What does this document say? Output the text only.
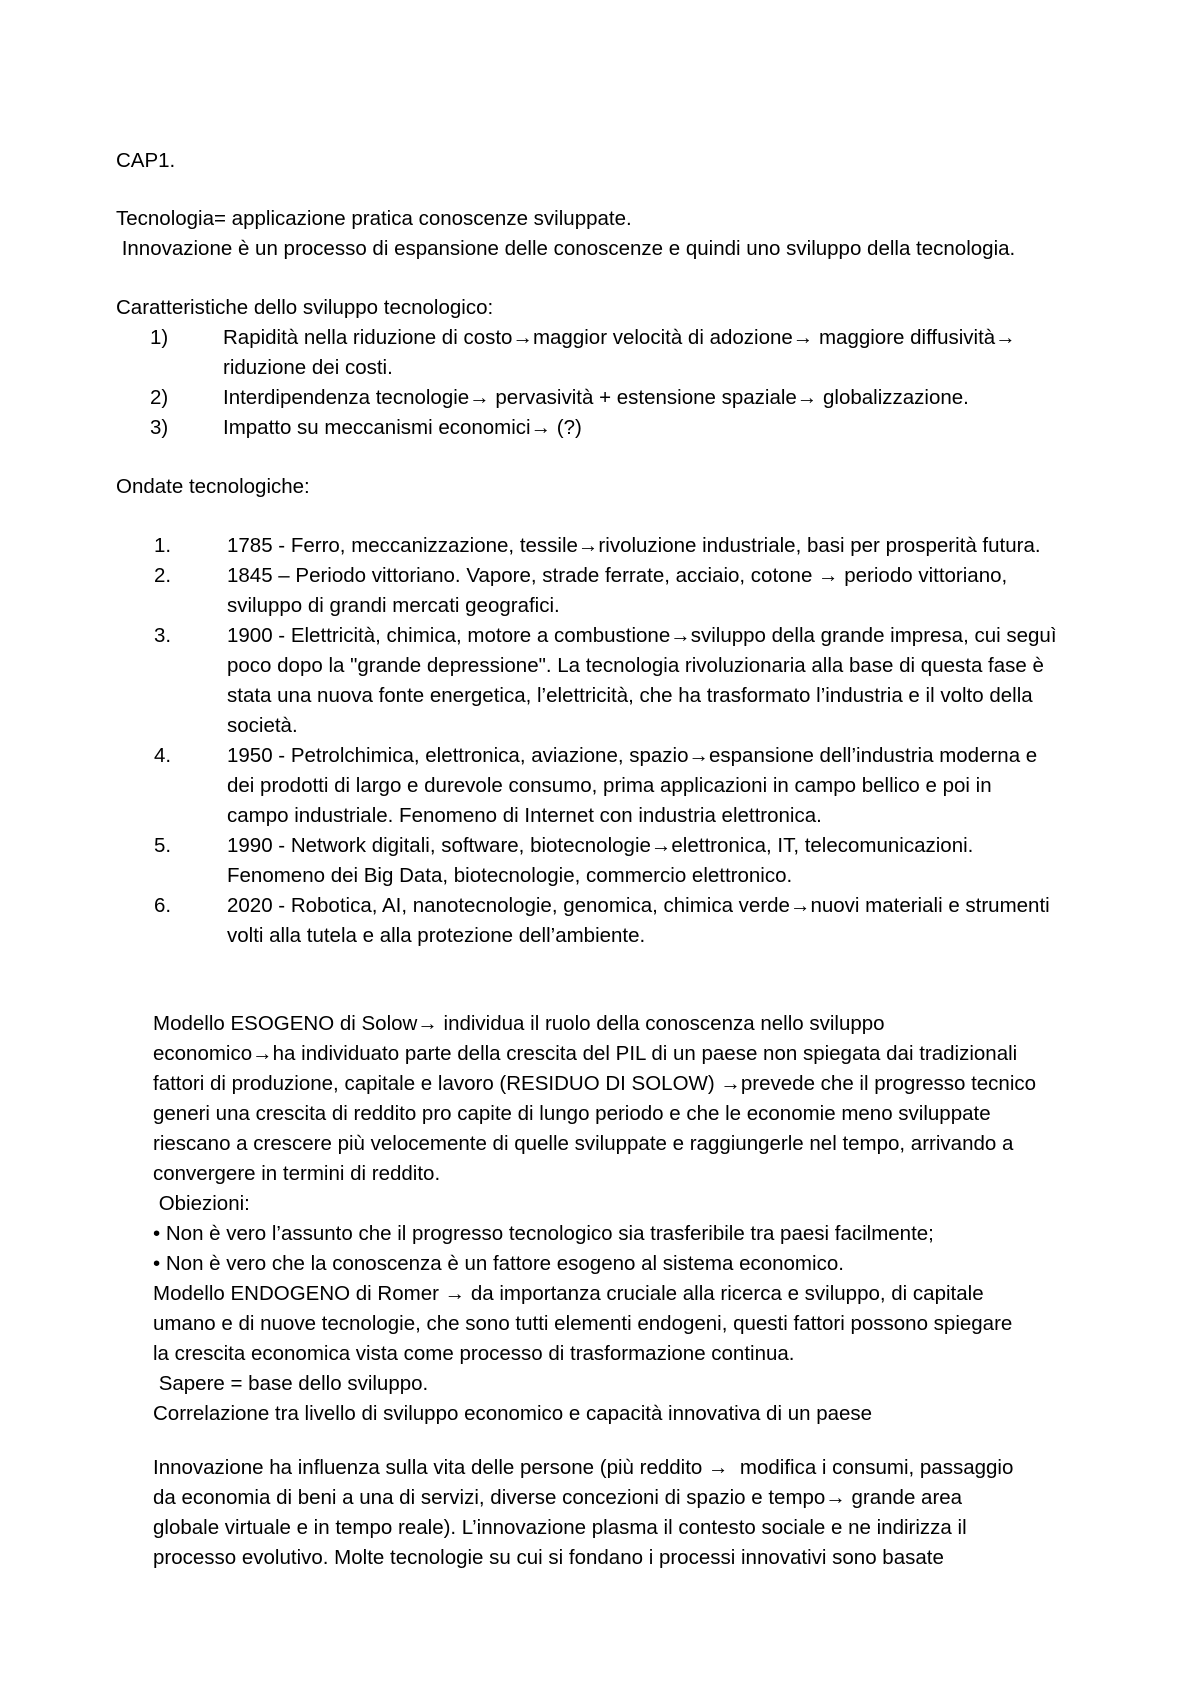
CAP1.
Tecnologia= applicazione pratica conoscenze sviluppate.
Innovazione è un processo di espansione delle conoscenze e quindi uno sviluppo della tecnologia.
Caratteristiche dello sviluppo tecnologico:
1)	Rapidità nella riduzione di costo→maggior velocità di adozione→ maggiore diffusività→
riduzione dei costi.
2)	Interdipendenza tecnologie→ pervasività + estensione spaziale→ globalizzazione.
3)	Impatto su meccanismi economici→ (?)
Ondate tecnologiche:
1.	1785 - Ferro, meccanizzazione, tessile→rivoluzione industriale, basi per prosperità futura.
2.	1845 – Periodo vittoriano. Vapore, strade ferrate, acciaio, cotone → periodo vittoriano,
sviluppo di grandi mercati geografici.
3.	1900 - Elettricità, chimica, motore a combustione→sviluppo della grande impresa, cui seguì
poco dopo la "grande depressione". La tecnologia rivoluzionaria alla base di questa fase è
stata una nuova fonte energetica, l’elettricità, che ha trasformato l’industria e il volto della
società.
4.	1950 - Petrolchimica, elettronica, aviazione, spazio→espansione dell’industria moderna e
dei prodotti di largo e durevole consumo, prima applicazioni in campo bellico e poi in
campo industriale. Fenomeno di Internet con industria elettronica.
5.	1990 - Network digitali, software, biotecnologie→elettronica, IT, telecomunicazioni.
Fenomeno dei Big Data, biotecnologie, commercio elettronico.
6.	2020 - Robotica, AI, nanotecnologie, genomica, chimica verde→nuovi materiali e strumenti
volti alla tutela e alla protezione dell’ambiente.
Modello ESOGENO di Solow→ individua il ruolo della conoscenza nello sviluppo
economico→ha individuato parte della crescita del PIL di un paese non spiegata dai tradizionali
fattori di produzione, capitale e lavoro (RESIDUO DI SOLOW) →prevede che il progresso tecnico
generi una crescita di reddito pro capite di lungo periodo e che le economie meno sviluppate
riescano a crescere più velocemente di quelle sviluppate e raggiungerle nel tempo, arrivando a
convergere in termini di reddito.
Obiezioni:
• Non è vero l’assunto che il progresso tecnologico sia trasferibile tra paesi facilmente;
• Non è vero che la conoscenza è un fattore esogeno al sistema economico.
Modello ENDOGENO di Romer → da importanza cruciale alla ricerca e sviluppo, di capitale
umano e di nuove tecnologie, che sono tutti elementi endogeni, questi fattori possono spiegare
la crescita economica vista come processo di trasformazione continua.
Sapere = base dello sviluppo.
Correlazione tra livello di sviluppo economico e capacità innovativa di un paese
Innovazione ha influenza sulla vita delle persone (più reddito →  modifica i consumi, passaggio
da economia di beni a una di servizi, diverse concezioni di spazio e tempo→ grande area
globale virtuale e in tempo reale). L’innovazione plasma il contesto sociale e ne indirizza il
processo evolutivo. Molte tecnologie su cui si fondano i processi innovativi sono basate
